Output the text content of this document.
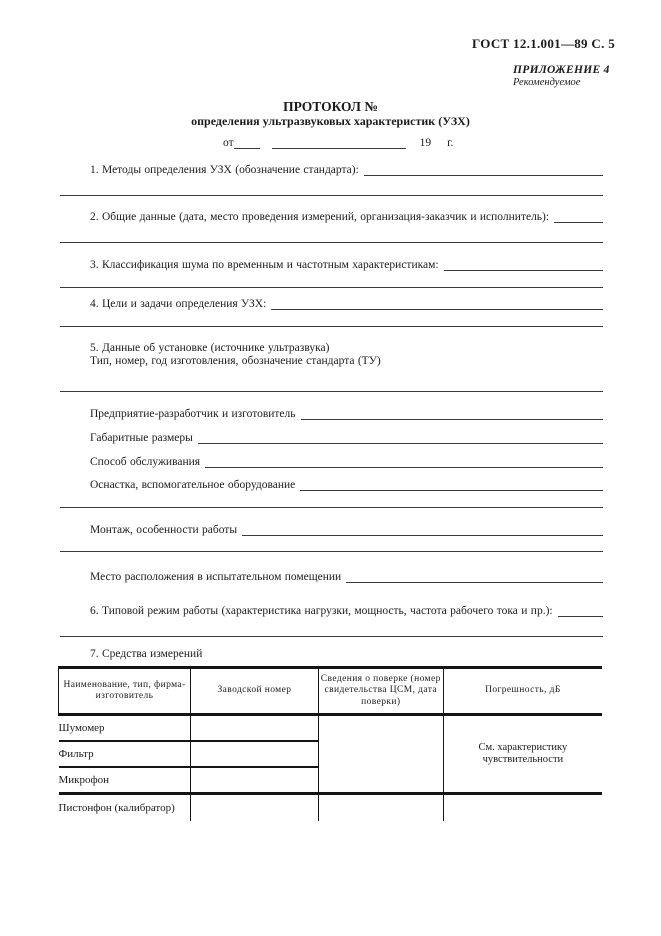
ГОСТ 12.1.001—89 С. 5
ПРИЛОЖЕНИЕ 4
Рекомендуемое
ПРОТОКОЛ №
определения ультразвуковых характеристик (УЗХ)
от	19 г.
1. Методы определения УЗХ (обозначение стандарта):
2. Общие данные (дата, место проведения измерений, организация-заказчик и исполнитель):
3. Классификация шума по временным и частотным характеристикам:
4. Цели и задачи определения УЗХ:
5. Данные об установке (источнике ультразвука)
Тип, номер, год изготовления, обозначение стандарта (ТУ)
Предприятие-разработчик и изготовитель
Габаритные размеры
Способ обслуживания
Оснастка, вспомогательное оборудование
Монтаж, особенности работы
Место расположения в испытательном помещении
6. Типовой режим работы (характеристика нагрузки, мощность, частота рабочего тока и пр.):
7. Средства измерений
Наименование, тип, фирма-изготовитель	Заводской номер	Сведения о поверке (номер свидетельства ЦСМ, дата поверки)	Погрешность, дБ
Шумомер			См. характеристику чувствительности
Фильтр			
Микрофон			
Пистонфон (калибратор)			
